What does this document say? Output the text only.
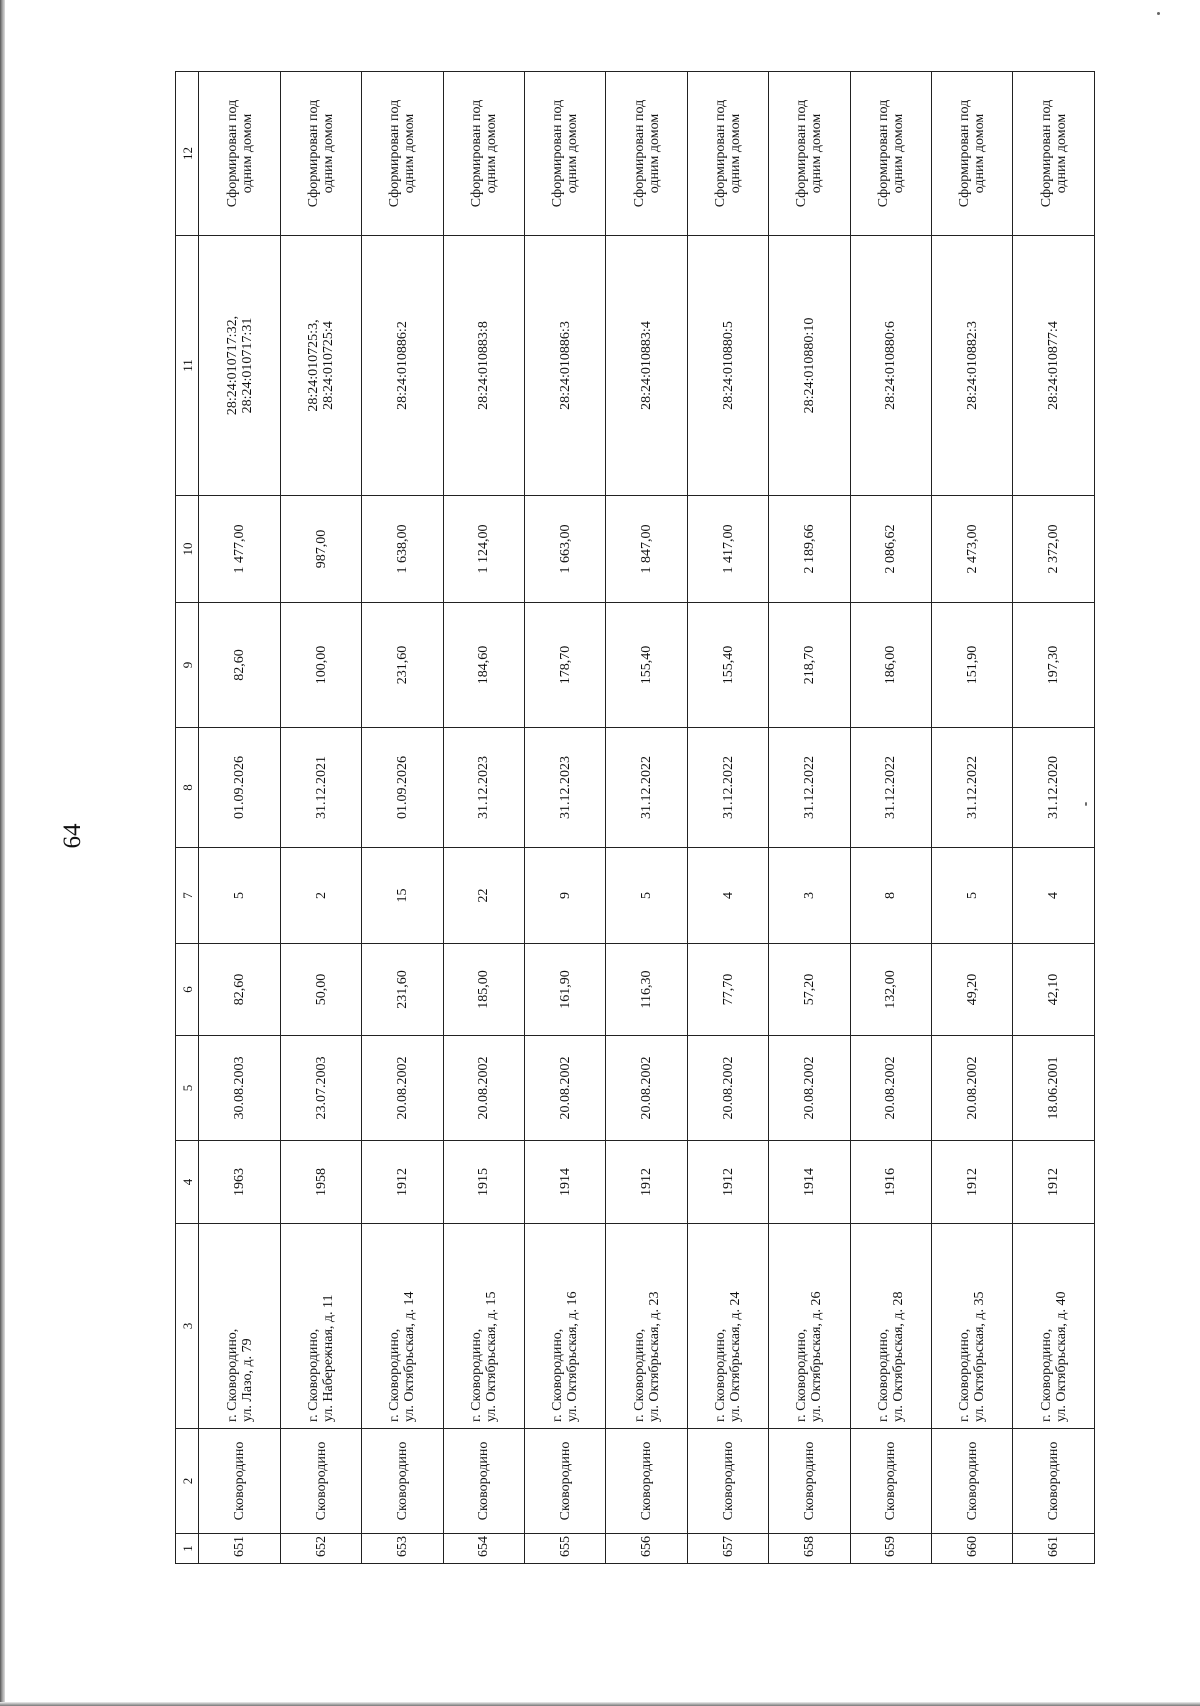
64
1	2	3	4	5	6	7	8	9	10	11	12
651	Сковородино	г. Сковородино,
ул. Лазо, д. 79	1963	30.08.2003	82,60	5	01.09.2026	82,60	1 477,00	28:24:010717:32,
28:24:010717:31	Сформирован под
одним домом
652	Сковородино	г. Сковородино,
ул. Набережная, д. 11	1958	23.07.2003	50,00	2	31.12.2021	100,00	987,00	28:24:010725:3,
28:24:010725:4	Сформирован под
одним домом
653	Сковородино	г. Сковородино,
ул. Октябрьская, д. 14	1912	20.08.2002	231,60	15	01.09.2026	231,60	1 638,00	28:24:010886:2	Сформирован под
одним домом
654	Сковородино	г. Сковородино,
ул. Октябрьская, д. 15	1915	20.08.2002	185,00	22	31.12.2023	184,60	1 124,00	28:24:010883:8	Сформирован под
одним домом
655	Сковородино	г. Сковородино,
ул. Октябрьская, д. 16	1914	20.08.2002	161,90	9	31.12.2023	178,70	1 663,00	28:24:010886:3	Сформирован под
одним домом
656	Сковородино	г. Сковородино,
ул. Октябрьская, д. 23	1912	20.08.2002	116,30	5	31.12.2022	155,40	1 847,00	28:24:010883:4	Сформирован под
одним домом
657	Сковородино	г. Сковородино,
ул. Октябрьская, д. 24	1912	20.08.2002	77,70	4	31.12.2022	155,40	1 417,00	28:24:010880:5	Сформирован под
одним домом
658	Сковородино	г. Сковородино,
ул. Октябрьская, д. 26	1914	20.08.2002	57,20	3	31.12.2022	218,70	2 189,66	28:24:010880:10	Сформирован под
одним домом
659	Сковородино	г. Сковородино,
ул. Октябрьская, д. 28	1916	20.08.2002	132,00	8	31.12.2022	186,00	2 086,62	28:24:010880:6	Сформирован под
одним домом
660	Сковородино	г. Сковородино,
ул. Октябрьская, д. 35	1912	20.08.2002	49,20	5	31.12.2022	151,90	2 473,00	28:24:010882:3	Сформирован под
одним домом
661	Сковородино	г. Сковородино,
ул. Октябрьская, д. 40	1912	18.06.2001	42,10	4	31.12.2020	197,30	2 372,00	28:24:010877:4	Сформирован под
одним домом
